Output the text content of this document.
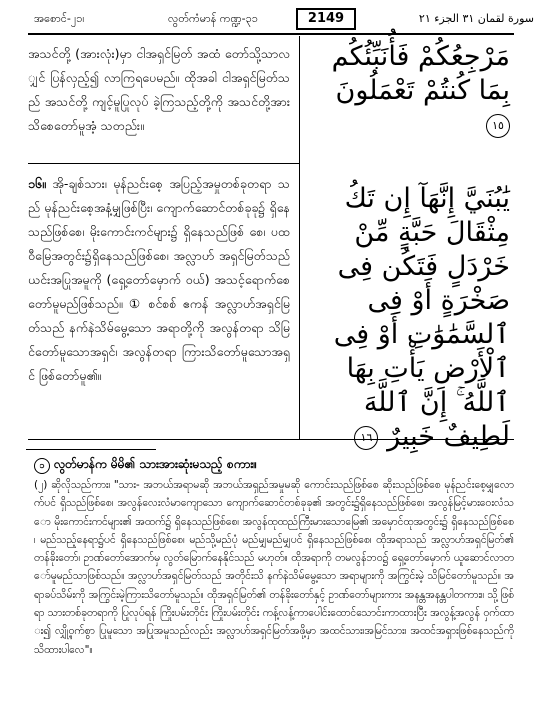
အစောင်-၂၁၊	လွတ်ကံမာန် ကဏ္ဍ-၃၁	2149	سورة لقمان ٣١ الجزء ٢١
အသင်တို့ (အားလုံး)မှာ ငါအရှင်မြတ် အထံ တော်သို့သာလျှင် ပြန်လှည့်၍ လာကြရပေမည်။ ထိုအခါ ငါအရှင်မြတ်သည် အသင်တို့ ကျင့်မူပြုလုပ် ခဲ့ကြသည့်တို့ကို အသင်တို့အား သိစေတော်မူအံ့ သတည်း။
၁၆။ အို-ချစ်သား၊ မုန်ညင်းစေ့ အပြည့်အမှုတစ်ခုတရာ သည် မုန်ညင်းစေ့အနံ့မျှဖြစ်ပြီး၊ ကျောက်ဆောင်တစ်ခုခု၌ ရှိနေသည်ဖြစ်စေ၊ မိုးကောင်းကင်များ၌ ရှိနေသည်ဖြစ် စေ၊ ပထဝီမြေအတွင်း၌ရှိနေသည်ဖြစ်စေ၊ အလ္လာဟ် အရှင်မြတ်သည် ယင်းအပြုအမူကို (ရှေ့တော်မှောက် ဝယ်) အသင့်ရောက်စေတော်မူမည်ဖြစ်သည်။ ① စင်စစ် ဧကန် အလ္လာဟ်အရှင်မြတ်သည် နက်နဲသိမ်မွေ့သော အရာတို့ကို အလွန်တရာ သိမြင်တော်မူသောအရှင်၊ အလွန်တရာ ကြားသိတော်မူသောအရှင် ဖြစ်တော်မူ၏။
مَرْجِعُكُمْ فَأُنَبِّئُكُم بِمَا كُنتُمْ تَعْمَلُونَ ١٥
يَٰبُنَيَّ إِنَّهَآ إِن تَكُ مِثْقَالَ حَبَّةٍ مِّنْ خَرْدَلٍ فَتَكُن فِى صَخْرَةٍ أَوْ فِى ٱلسَّمَٰوَٰتِ أَوْ فِى ٱلْأَرْضِ يَأْتِ بِهَا ٱللَّهُ ۚ إِنَّ ٱللَّهَ لَطِيفٌ خَبِيرٌ ١٦
၁ လွတ်မာန်က မိမိ၏ သားအားဆုံးမသည့် စကား။
(၂) ဆိုလိုသည်ကား၊ "သား- အဘယ်အရာမဆို အဘယ်အရှည်အမှုမဆို ကောင်းသည်ဖြစ်စေ ဆိုးသည်ဖြစ်စေ မုန်ညင်းစေ့မျှလောက်ပင် ရှိသည်ဖြစ်စေ၊ အလွန်လေးလံမာကျောသော ကျောက်ဆောင်တစ်ခုခု၏ အတွင်း၌ရှိနေသည်ဖြစ်စေ၊ အလွန်မြင့်မားဝေးလံသော မိုးကောင်းကင်များ၏ အထက်၌ ရှိနေသည်ဖြစ်စေ၊ အလွန်ထုထည်ကြီးမားသောမြေ၏ အမှောင်ထုအတွင်း၌ ရှိနေသည်ဖြစ်စေ၊ မည်သည့်နေရာ၌ပင် ရှိနေသည်ဖြစ်စေ၊ မည်သို့မည်ပုံ မည်မျှမည်မျှပင် ရှိနေသည်ဖြစ်စေ၊ ထိုအရာသည် အလ္လာဟ်အရှင်မြတ်၏ တန်ခိုးတော်၊ ဥာဏ်တော်အောက်မှ လွတ်မြောက်နေနိုင်သည် မဟုတ်။ ထိုအရာကို တမလွန်ဘဝ၌ ရှေ့တော်မှောက် ယူဆောင်လာတော်မူမည်သာဖြစ်သည်။ အလ္လာဟ်အရှင်မြတ်သည် အတိုင်းသိ နက်နဲသိမ်မွေ့သော အရာများကို အကြွင်းမဲ့ သိမြင်တော်မူသည်။ အရာခပ်သိမ်းကို အကြွင်းမဲ့ကြားသိတော်မူသည်။ ထိုအရှင်မြတ်၏ တန်ခိုးတော်နှင့် ဥာဏ်တော်များကား အနန္တအနန္တပါတကား။ သို့ဖြစ်ရာ သားတစ်ခုတရာကို ပြုလုပ်ရန် ကြိုးပမ်းတိုင်း ကြိုးပမ်းတိုင်း ကန့်လန့်ကာပေါင်းထောင်သောင်းကာထားပြီး အလွန့်အလွန် ဝှက်ထား၍ လျှို့ဝှက်စွာ ပြုမူသော အပြုအမူသည်လည်း အလ္လာဟ်အရှင်မြတ်အဖို့မှာ အထင်သား၊အမြင်သား၊ အထင်အရှားဖြစ်နေသည်ကို သိထားပါလေ"။
